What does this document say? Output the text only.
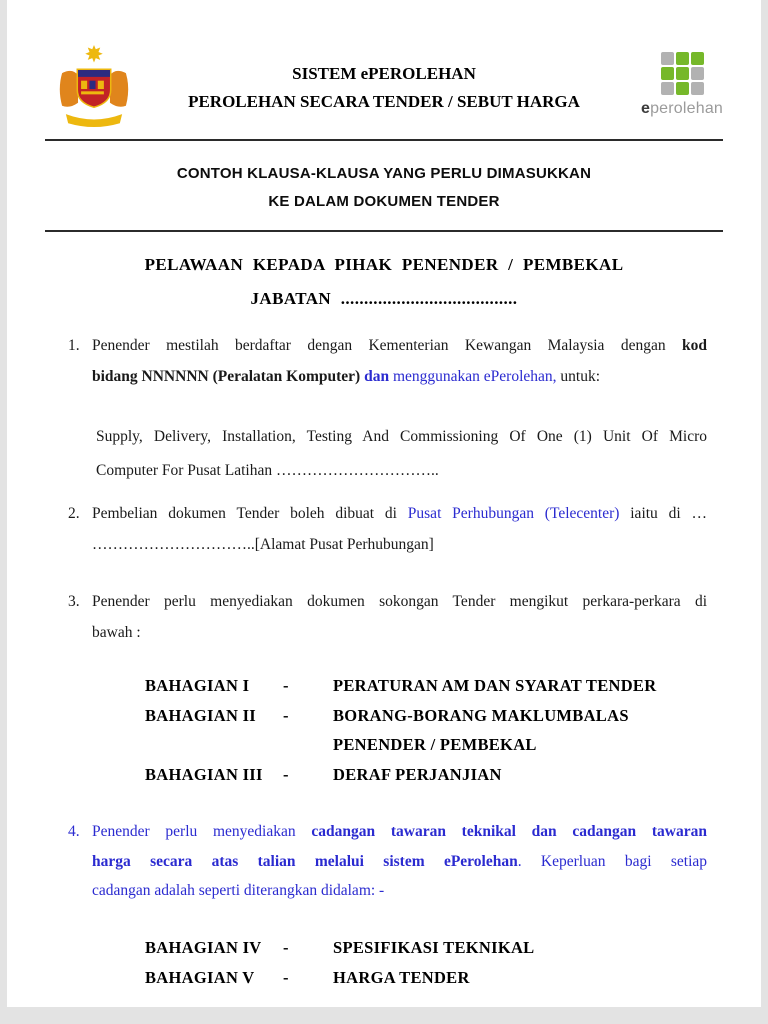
SISTEM ePEROLEHAN
PEROLEHAN SECARA TENDER / SEBUT HARGA	eperolehan
CONTOH KLAUSA-KLAUSA YANG PERLU DIMASUKKAN
KE DALAM DOKUMEN TENDER
PELAWAAN KEPADA PIHAK PENENDER / PEMBEKAL
JABATAN ......................................
1. Penender mestilah berdaftar dengan Kementerian Kewangan Malaysia dengan kod
bidang NNNNNN (Peralatan Komputer) dan menggunakan ePerolehan, untuk:
Supply, Delivery, Installation, Testing And Commissioning Of One (1) Unit Of Micro
Computer For Pusat Latihan …………………………..
2. Pembelian dokumen Tender boleh dibuat di Pusat Perhubungan (Telecenter) iaitu di …
…………………………..[Alamat Pusat Perhubungan]
3. Penender perlu menyediakan dokumen sokongan Tender mengikut perkara-perkara di
bawah :
BAHAGIAN I	-	PERATURAN AM DAN SYARAT TENDER
BAHAGIAN II	-	BORANG-BORANG MAKLUMBALAS
PENENDER / PEMBEKAL
BAHAGIAN III	-	DERAF PERJANJIAN
4. Penender perlu menyediakan cadangan tawaran teknikal dan cadangan tawaran
harga secara atas talian melalui sistem ePerolehan. Keperluan bagi setiap
cadangan adalah seperti diterangkan didalam: -
BAHAGIAN IV	-	SPESIFIKASI TEKNIKAL
BAHAGIAN V	-	HARGA TENDER
